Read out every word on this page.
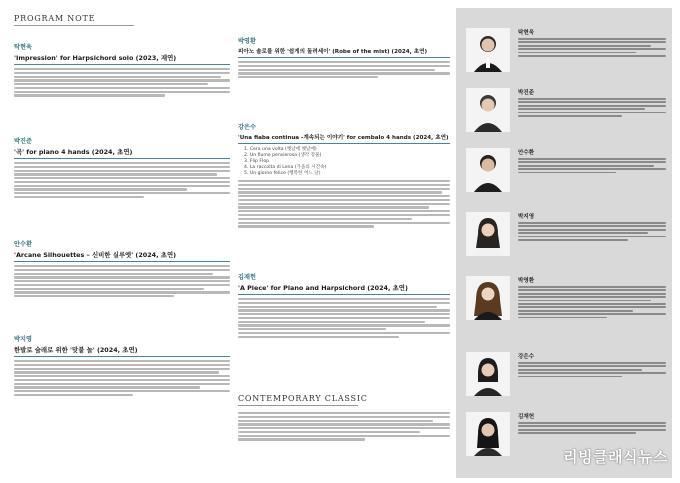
PROGRAM NOTE
탁현욱
'Impression' for Harpsichord solo (2023, 재연)
박진준
'곡' for piano 4 hands (2024, 초연)
안수환
'Arcane Silhouettes – 신비한 실루엣' (2024, 초연)
박지영
한발로 술래로 위한 '맞붙 놀' (2024, 초연)
박영환
피아노 솔로를 위한 '쉼게의 돌려세이' (Robe of the mist) (2024, 초연)
강은수
'Una fiaba continua -계속되는 이야기' for cembalo 4 hands (2024, 초연)
1. Cera una volta (옛날에 옛날에)
2. Un fiume pensierosa (생각 강물)
3. Flip Flop
4. La raccolta di Lena (가을의 시간속)
5. Un giorno felice (행복한 어느 날)
김재헌
'A Piece' for Piano and Harpsichord (2024, 초연)
CONTEMPORARY CLASSIC
탁현욱
박진준
안수환
박지영
박영환
강은수
김재헌
리빙클래식뉴스
